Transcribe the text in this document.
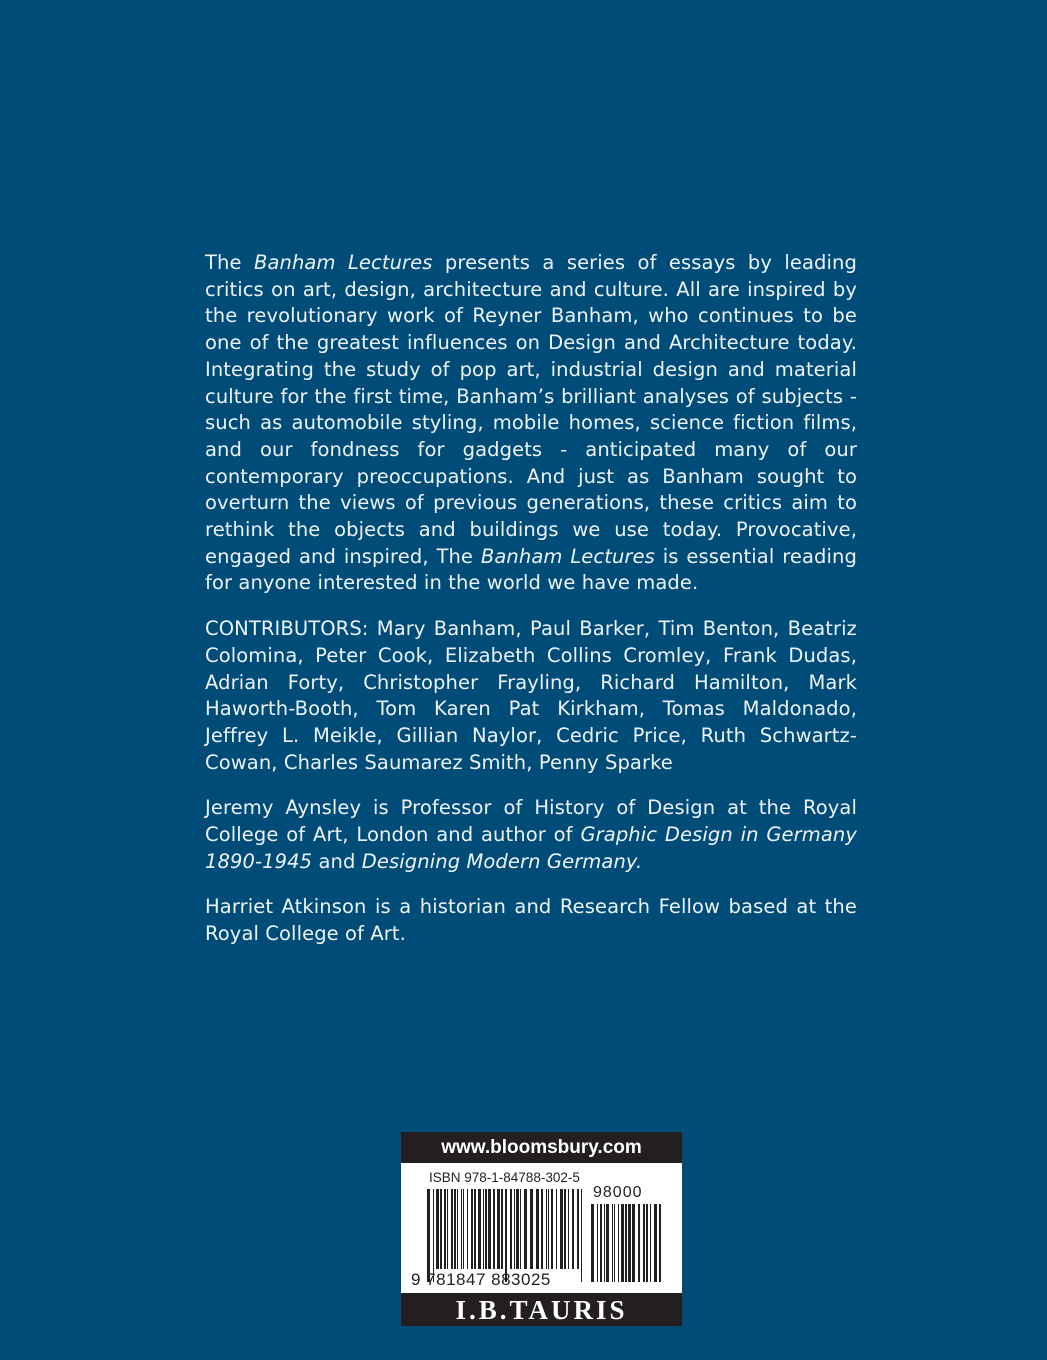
The Banham Lectures presents a series of essays by leading critics on art, design, architecture and culture. All are inspired by the revolutionary work of Reyner Banham, who continues to be one of the greatest influences on Design and Architecture today. Integrating the study of pop art, industrial design and material culture for the first time, Banham’s brilliant analyses of subjects - such as automobile styling, mobile homes, science fiction films, and our fondness for gadgets - anticipated many of our contemporary preoccupations. And just as Banham sought to overturn the views of previous generations, these critics aim to rethink the objects and buildings we use today. Provocative, engaged and inspired, The Banham Lectures is essential reading for anyone interested in the world we have made.

CONTRIBUTORS: Mary Banham, Paul Barker, Tim Benton, Beatriz Colomina, Peter Cook, Elizabeth Collins Cromley, Frank Dudas, Adrian Forty, Christopher Frayling, Richard Hamilton, Mark Haworth-Booth, Tom Karen Pat Kirkham, Tomas Maldonado, Jeffrey L. Meikle, Gillian Naylor, Cedric Price, Ruth Schwartz-Cowan, Charles Saumarez Smith, Penny Sparke

Jeremy Aynsley is Professor of History of Design at the Royal College of Art, London and author of Graphic Design in Germany 1890-1945 and Designing Modern Germany.

Harriet Atkinson is a historian and Research Fellow based at the Royal College of Art.

www.bloomsbury.com
ISBN 978-1-84788-302-5
98000
9 781847 883025
I.B.TAURIS
